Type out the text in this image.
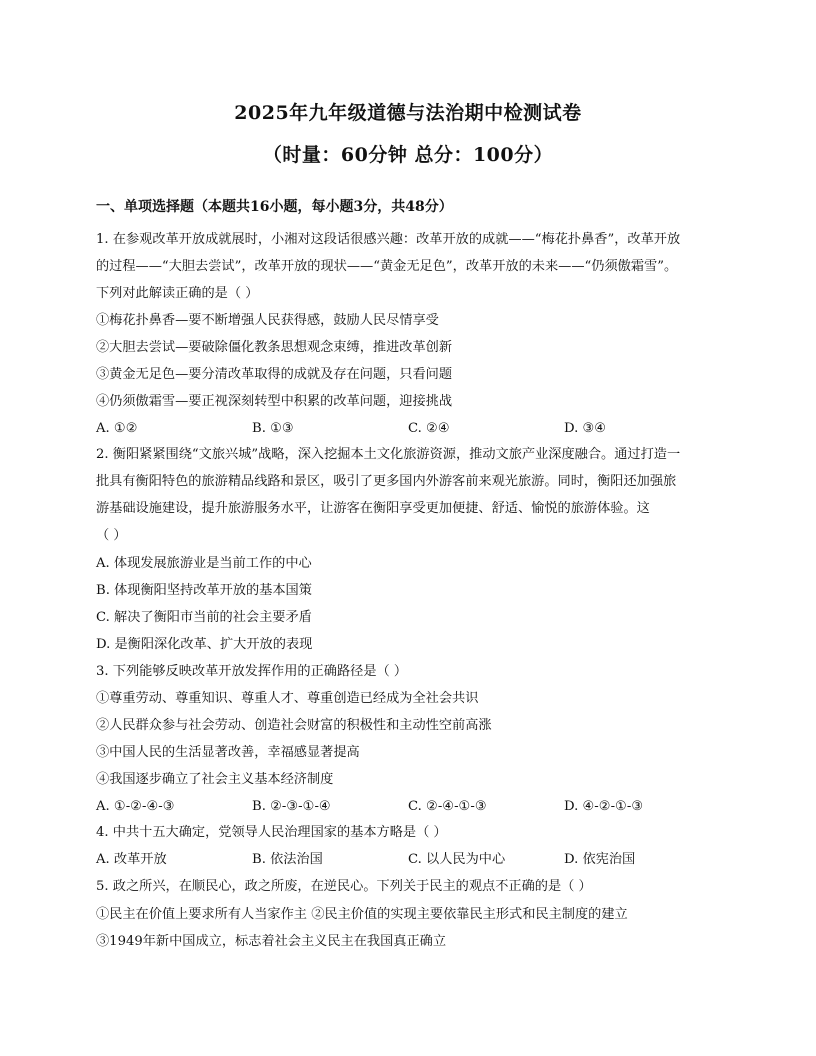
2025年九年级道德与法治期中检测试卷
（时量：60分钟 总分：100分）
一、单项选择题（本题共16小题，每小题3分，共48分）
1. 在参观改革开放成就展时，小湘对这段话很感兴趣：改革开放的成就——“梅花扑鼻香”，改革开放
的过程——“大胆去尝试”，改革开放的现状——“黄金无足色”，改革开放的未来——“仍须傲霜雪”。
下列对此解读正确的是（ ）
①梅花扑鼻香—要不断增强人民获得感，鼓励人民尽情享受
②大胆去尝试—要破除僵化教条思想观念束缚，推进改革创新
③黄金无足色—要分清改革取得的成就及存在问题，只看问题
④仍须傲霜雪—要正视深刻转型中积累的改革问题，迎接挑战
A. ①②	B. ①③	C. ②④	D. ③④
2. 衡阳紧紧围绕“文旅兴城”战略，深入挖掘本土文化旅游资源，推动文旅产业深度融合。通过打造一
批具有衡阳特色的旅游精品线路和景区，吸引了更多国内外游客前来观光旅游。同时，衡阳还加强旅
游基础设施建设，提升旅游服务水平，让游客在衡阳享受更加便捷、舒适、愉悦的旅游体验。这
（ ）
A. 体现发展旅游业是当前工作的中心
B. 体现衡阳坚持改革开放的基本国策
C. 解决了衡阳市当前的社会主要矛盾
D. 是衡阳深化改革、扩大开放的表现
3. 下列能够反映改革开放发挥作用的正确路径是（ ）
①尊重劳动、尊重知识、尊重人才、尊重创造已经成为全社会共识
②人民群众参与社会劳动、创造社会财富的积极性和主动性空前高涨
③中国人民的生活显著改善，幸福感显著提高
④我国逐步确立了社会主义基本经济制度
A. ①-②-④-③	B. ②-③-①-④	C. ②-④-①-③	D. ④-②-①-③
4. 中共十五大确定，党领导人民治理国家的基本方略是（ ）
A. 改革开放	B. 依法治国	C. 以人民为中心	D. 依宪治国
5. 政之所兴，在顺民心，政之所废，在逆民心。下列关于民主的观点不正确的是（ ）
①民主在价值上要求所有人当家作主 ②民主价值的实现主要依靠民主形式和民主制度的建立
③1949年新中国成立，标志着社会主义民主在我国真正确立
